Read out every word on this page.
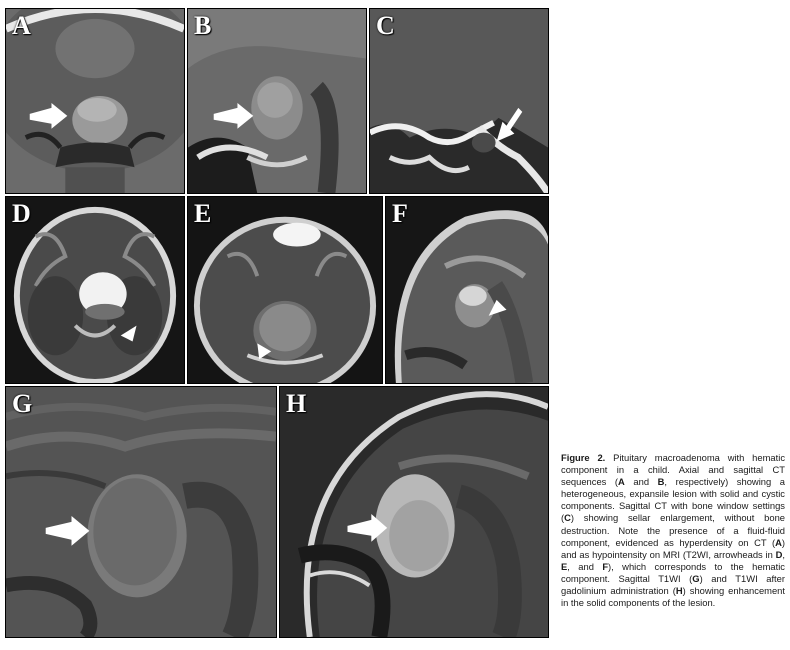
A	B	C
D	E	F
G	H
Figure 2. Pituitary macroadenoma with hematic component in a child. Axial and sagittal CT sequences (A and B, respectively) showing a heterogeneous, expansile lesion with solid and cystic components. Sagittal CT with bone window settings (C) showing sellar enlargement, without bone destruction. Note the presence of a fluid-fluid component, evidenced as hyperdensity on CT (A) and as hypointensity on MRI (T2WI, arrowheads in D, E, and F), which corresponds to the hematic component. Sagittal T1WI (G) and T1WI after gadolinium administration (H) showing enhancement in the solid components of the lesion.
